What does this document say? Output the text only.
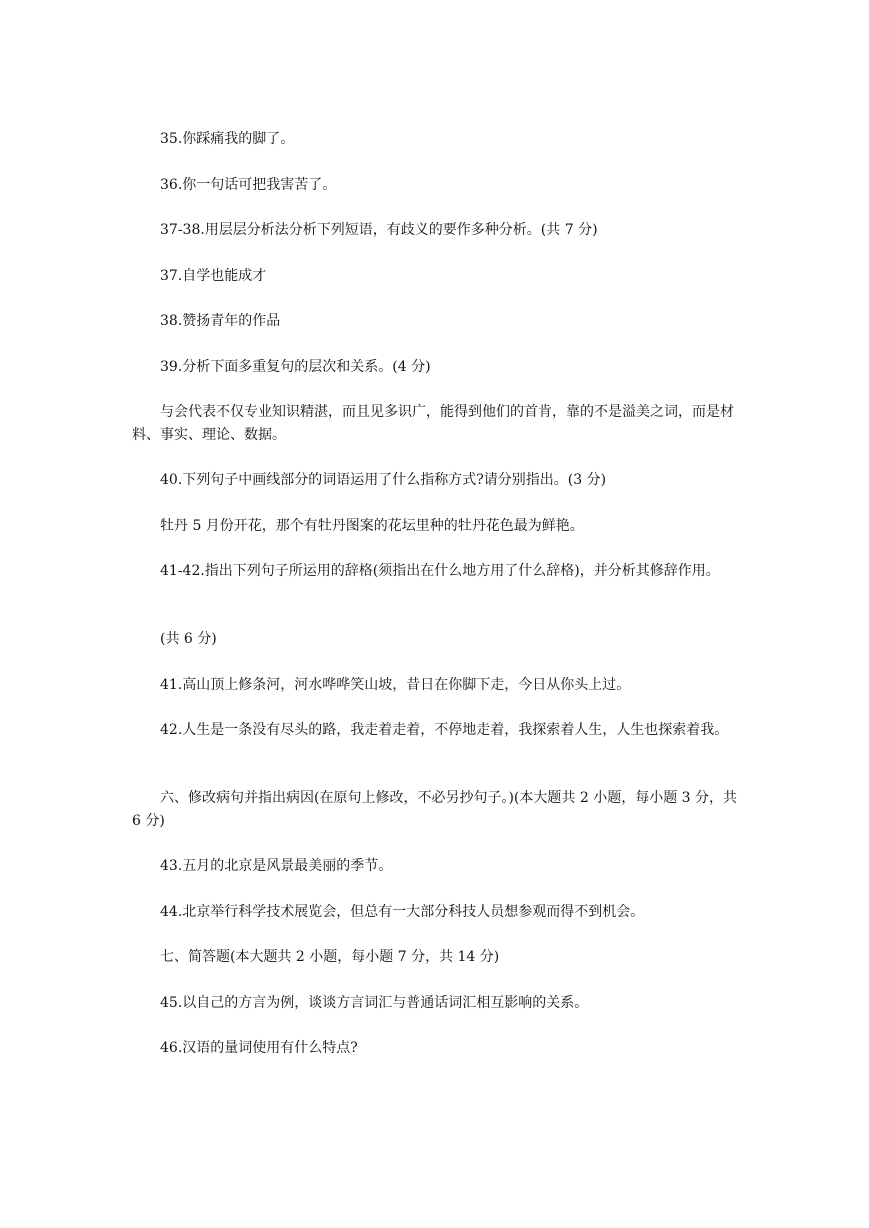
35.你踩痛我的脚了。

36.你一句话可把我害苦了。

37-38.用层层分析法分析下列短语，有歧义的要作多种分析。(共 7 分)

37.自学也能成才

38.赞扬青年的作品

39.分析下面多重复句的层次和关系。(4 分)

与会代表不仅专业知识精湛，而且见多识广，能得到他们的首肯，靠的不是溢美之词，而是材料、事实、理论、数据。

40.下列句子中画线部分的词语运用了什么指称方式?请分别指出。(3 分)

牡丹 5 月份开花，那个有牡丹图案的花坛里种的牡丹花色最为鲜艳。

41-42.指出下列句子所运用的辞格(须指出在什么地方用了什么辞格)，并分析其修辞作用。

(共 6 分)

41.高山顶上修条河，河水哗哗笑山坡，昔日在你脚下走，今日从你头上过。

42.人生是一条没有尽头的路，我走着走着，不停地走着，我探索着人生，人生也探索着我。

六、修改病句并指出病因(在原句上修改，不必另抄句子。)(本大题共 2 小题，每小题 3 分，共 6 分)

43.五月的北京是风景最美丽的季节。

44.北京举行科学技术展览会，但总有一大部分科技人员想参观而得不到机会。

七、简答题(本大题共 2 小题，每小题 7 分，共 14 分)

45.以自己的方言为例，谈谈方言词汇与普通话词汇相互影响的关系。

46.汉语的量词使用有什么特点?
